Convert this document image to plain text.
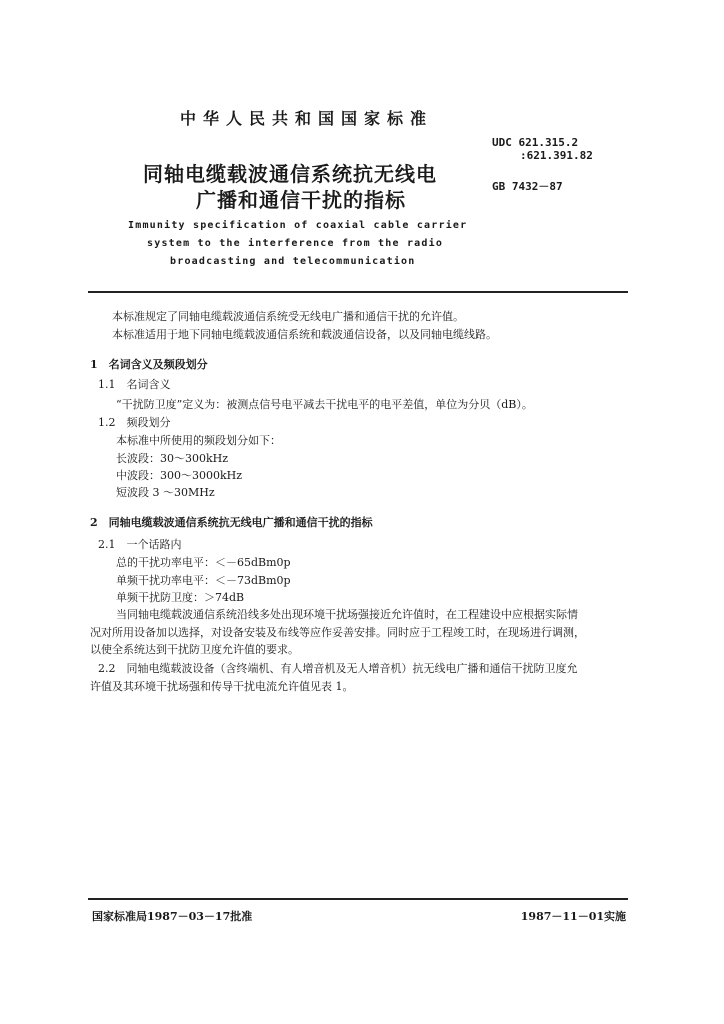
中华人民共和国国家标准
同轴电缆载波通信系统抗无线电
广播和通信干扰的指标
UDC 621.315.2
:621.391.82
GB 7432－87
Immunity specification of coaxial cable carrier
system to the interference from the radio
broadcasting and telecommunication
本标准规定了同轴电缆载波通信系统受无线电广播和通信干扰的允许值。
本标准适用于地下同轴电缆载波通信系统和载波通信设备，以及同轴电缆线路。
1　名词含义及频段划分
1.1　名词含义
“干扰防卫度”定义为：被测点信号电平减去干扰电平的电平差值，单位为分贝（dB）。
1.2　频段划分
本标准中所使用的频段划分如下：
长波段：30～300kHz
中波段：300～3000kHz
短波段 3 ～30MHz
2　同轴电缆载波通信系统抗无线电广播和通信干扰的指标
2.1　一个话路内
总的干扰功率电平：＜－65dBm0p
单频干扰功率电平：＜－73dBm0p
单频干扰防卫度：＞74dB
当同轴电缆载波通信系统沿线多处出现环境干扰场强接近允许值时，在工程建设中应根据实际情
况对所用设备加以选择，对设备安装及布线等应作妥善安排。同时应于工程竣工时，在现场进行调测，
以使全系统达到干扰防卫度允许值的要求。
2.2　同轴电缆载波设备（含终端机、有人增音机及无人增音机）抗无线电广播和通信干扰防卫度允
许值及其环境干扰场强和传导干扰电流允许值见表 1。
国家标准局1987－03－17批准	1987－11－01实施
